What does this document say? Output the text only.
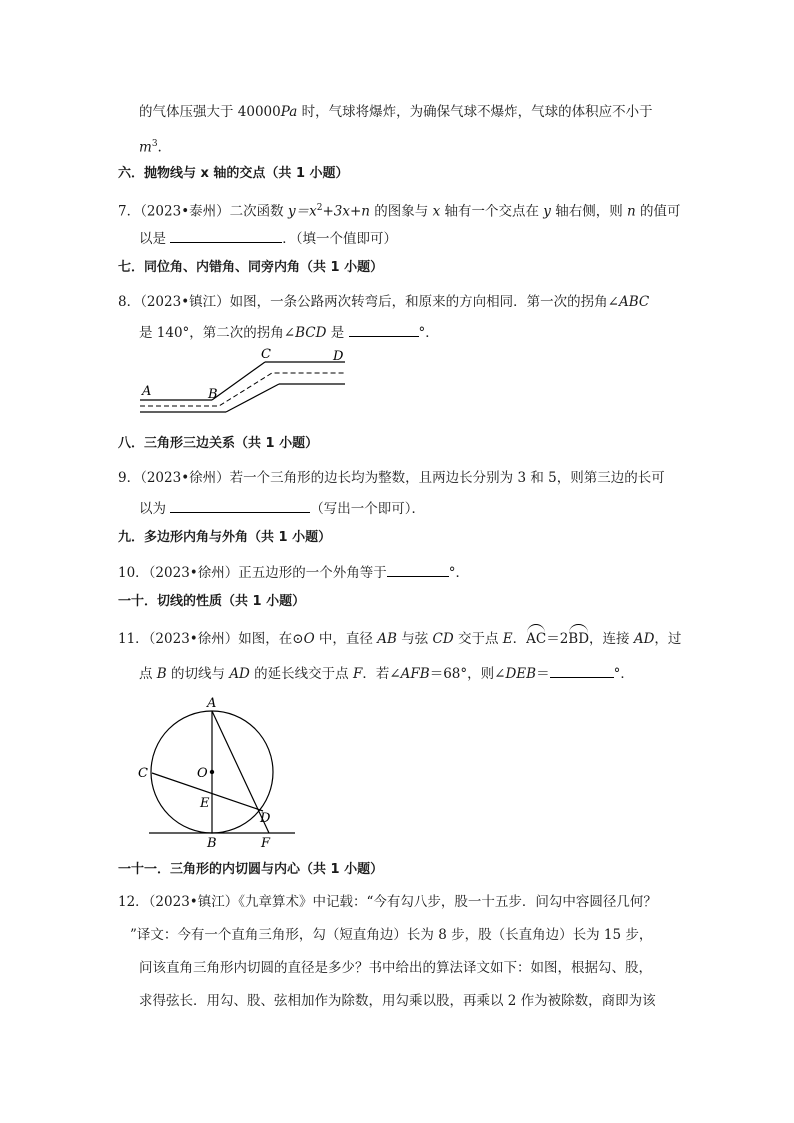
的气体压强大于 40000Pa 时，气球将爆炸，为确保气球不爆炸，气球的体积应不小于
$m^3$.
六．抛物线与 x 轴的交点（共 1 小题）
7．（2023•泰州）二次函数 $y=x^2+3x+n$ 的图象与 x 轴有一个交点在 y 轴右侧，则 n 的值可
以是	．（填一个值即可）
七．同位角、内错角、同旁内角（共 1 小题）
8．（2023•镇江）如图，一条公路两次转弯后，和原来的方向相同．第一次的拐角∠ABC
是 140°，第二次的拐角∠BCD 是	°．
A	B
C	D
八．三角形三边关系（共 1 小题）
9．（2023•徐州）若一个三角形的边长均为整数，且两边长分别为 3 和 5，则第三边的长可
以为	（写出一个即可）．
九．多边形内角与外角（共 1 小题）
10．（2023•徐州）正五边形的一个外角等于	°．
一十．切线的性质（共 1 小题）
11．（2023•徐州）如图，在⊙O 中，直径 AB 与弦 CD 交于点 E．AC＝2BD，连接 AD，过
点 B 的切线与 AD 的延长线交于点 F．若∠AFB＝68°，则∠DEB＝	°．
A
B
C
D
E
F
O
一十一．三角形的内切圆与内心（共 1 小题）
12．（2023•镇江）《九章算术》中记载：“今有勾八步，股一十五步．问勾中容圆径几何？
”译文：今有一个直角三角形，勾（短直角边）长为 8 步，股（长直角边）长为 15 步，
问该直角三角形内切圆的直径是多少？书中给出的算法译文如下：如图，根据勾、股，
求得弦长．用勾、股、弦相加作为除数，用勾乘以股，再乘以 2 作为被除数，商即为该
